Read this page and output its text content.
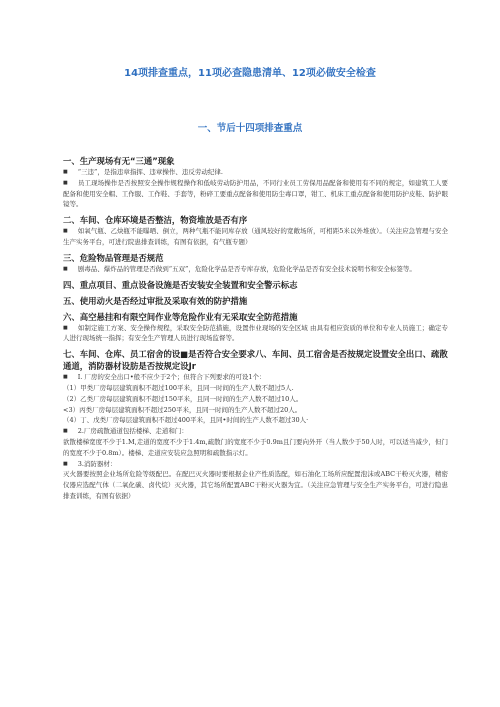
14项排查重点，11项必查隐患清单、12项必做安全检查
一、节后十四项排查重点
一、生产现场有无“三通”现象

■ “三违”，是指违章指挥、违章操作、违反劳动纪律.

■ 员工现场操作是否按照安全操作规程操作和低岐劳动防护用品，不同行业员工劳保用品配备和使用有不同的规定，如建筑工人要配备和使用安全帽、工作服、工作鞋、手套等，粉碎工要重点配备和使用防尘毒口罩，钳工、机床工重点配备和使用防护皮鞋、防护眼镜等。

二、车间、仓库环境是否整洁，物资堆放是否有序

■ 如氧气瓶、乙炔瓶不能曝晒、倒立，两种气瓶不能同库存放（通风较好的宽敞场所，可相距5米以外堆放）。（关注应急管理与安全生产实务平台，可进行院患排查训练，有图有依据，有气瓶专题）

三、危险物品管理是否规范

■ 剧毒品、爆炸品的管理是否做到“五双”，危险化学品是否专库存放，危险化学品是否有安全技术说明书和安全标签等。

四、重点项目、重点设备设施是否安装安全装置和安全警示标志
五、使用动火是否经过审批及采取有效的防护措施
六、高空悬挂和有限空间作业等危险作业有无采取安全防范措施

■ 如制定施工方案、安全操作规程，采取安全防范措施，设置作业现场的安全区域 由具有相应资质的单位和专业人员施工；确定专人进行现场统一指挥；有安全生产管理人员进行现场监督等。

七、车间、仓库、员工宿舍的设■是否符合安全要求八、车间、员工宿舍是否按规定设置安全出口、疏散通道，消防器材设肪是否按规定设Jr

■ I. 厂房的安全出口•般不应少于2个；但符合下列要求的可设1个：

（1）甲类厂房每层建筑面积不超过100平米，且同一时间的生产人数不超过5人.

（2）乙类厂房每层建筑面积不超过150平米，且同一时间的生产人数不超过10人。

<3）丙类厂房每层建筑面积不超过250平米，且同一时间的生产人数不超过20人。

（4）丁、戊类厂房每层建筑面积不超过400平米，且同•时间的生产人数不超过30人·

■ 2.厂房疏散通道包括楼梯、走道和门：

欲散楼梯宽度不少于1.M,走道的宽度不少于1.4m,疏散门的宽度不少于0.9m且门要向外开（当人数少于50人时，可以适当减少，但门的宽度不少于0.8m）。楼梯、走道应安装应急照明和疏散指示灯。

■ 3.消防器材：

灭火器要按照企业场所危险等级配巴。在配巴灭火器时要根据企业产性质选配，如石油化工场所应配置泡沫或ABC干粉灭火器，精密仪器应选配气体（二氧化碳、卤代烷）灭火器，其它场所配置ABC干粉灭火器为宜。（关注应急管理与安全生产实务平台，可进行隐患排查训练，有图有依据）
